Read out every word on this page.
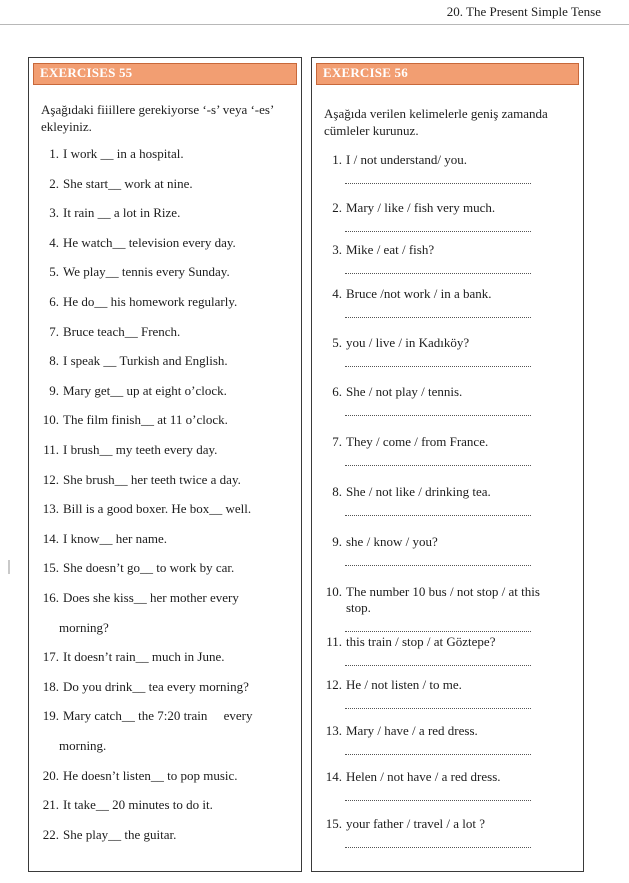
20. The Present Simple Tense
EXERCISES 55
Aşağıdaki fiiillere gerekiyorse ‘-s’ veya ‘-es’ ekleyiniz.
1. I work __ in a hospital.
2. She start__ work at nine.
3. It rain __ a lot in Rize.
4. He watch__ television every day.
5. We play__ tennis every Sunday.
6. He do__ his homework regularly.
7. Bruce teach__ French.
8. I speak __ Turkish and English.
9. Mary get__ up at eight o’clock.
10. The film finish__ at 11 o’clock.
11. I brush__ my teeth every day.
12. She brush__ her teeth twice a day.
13. Bill is a good boxer. He box__ well.
14. I know__ her name.
15. She doesn’t go__ to work by car.
16. Does she kiss__ her mother every
morning?
17. It doesn’t rain__ much in June.
18. Do you drink__ tea every morning?
19. Mary catch__ the 7:20 train     every
morning.
20. He doesn’t listen__ to pop music.
21. It take__ 20 minutes to do it.
22. She play__ the guitar.
EXERCISE 56
Aşağıda verilen kelimelerle geniş zamanda cümleler kurunuz.
1. I / not understand/ you.
2. Mary / like / fish very much.
3. Mike / eat / fish?
4. Bruce /not work / in a bank.
5. you / live / in Kadıköy?
6. She / not play / tennis.
7. They / come / from France.
8. She / not like / drinking tea.
9. she / know / you?
10. The number 10 bus / not stop / at this
stop.
11. this train / stop / at Göztepe?
12. He / not listen / to me.
13. Mary / have / a red dress.
14. Helen / not have / a red dress.
15. your father / travel / a lot ?
